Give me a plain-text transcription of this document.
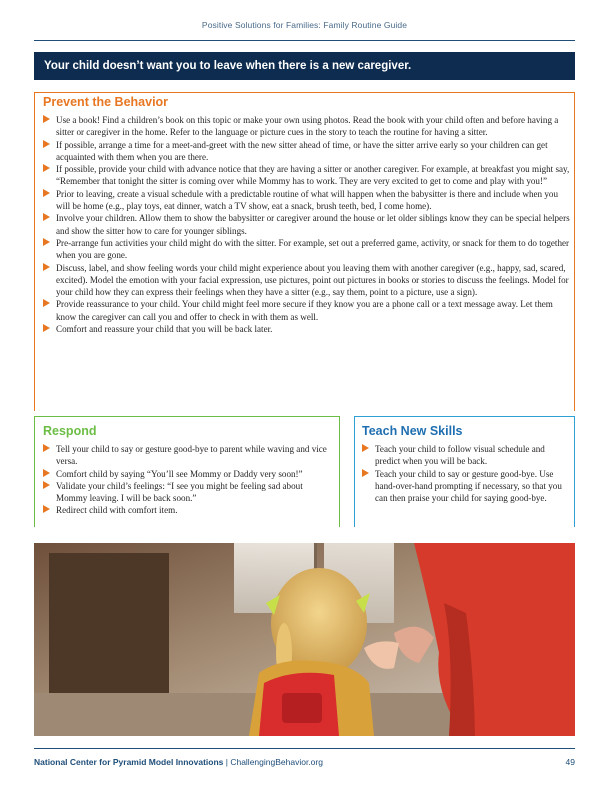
Positive Solutions for Families: Family Routine Guide
Your child doesn’t want you to leave when there is a new caregiver.
Prevent the Behavior
Use a book! Find a children’s book on this topic or make your own using photos. Read the book with your child often and before having a sitter or caregiver in the home. Refer to the language or picture cues in the story to teach the routine for having a sitter.
If possible, arrange a time for a meet-and-greet with the new sitter ahead of time, or have the sitter arrive early so your children can get acquainted with them when you are there.
If possible, provide your child with advance notice that they are having a sitter or another caregiver. For example, at breakfast you might say, “Remember that tonight the sitter is coming over while Mommy has to work. They are very excited to get to come and play with you!”
Prior to leaving, create a visual schedule with a predictable routine of what will happen when the babysitter is there and include when you will be home (e.g., play toys, eat dinner, watch a TV show, eat a snack, brush teeth, bed, I come home).
Involve your children. Allow them to show the babysitter or caregiver around the house or let older siblings know they can be special helpers and show the sitter how to care for younger siblings.
Pre-arrange fun activities your child might do with the sitter. For example, set out a preferred game, activity, or snack for them to do together when you are gone.
Discuss, label, and show feeling words your child might experience about you leaving them with another caregiver (e.g., happy, sad, scared, excited). Model the emotion with your facial expression, use pictures, point out pictures in books or stories to discuss the feelings. Model for your child how they can express their feelings when they have a sitter (e.g., say them, point to a picture, use a sign).
Provide reassurance to your child. Your child might feel more secure if they know you are a phone call or a text message away. Let them know the caregiver can call you and offer to check in with them as well.
Comfort and reassure your child that you will be back later.
Respond
Tell your child to say or gesture good-bye to parent while waving and vice versa.
Comfort child by saying “You’ll see Mommy or Daddy very soon!”
Validate your child’s feelings: “I see you might be feeling sad about Mommy leaving. I will be back soon.”
Redirect child with comfort item.
Teach New Skills
Teach your child to follow visual schedule and predict when you will be back.
Teach your child to say or gesture good-bye. Use hand-over-hand prompting if necessary, so that you can then praise your child for saying good-bye.
National Center for Pyramid Model Innovations | ChallengingBehavior.org	49
